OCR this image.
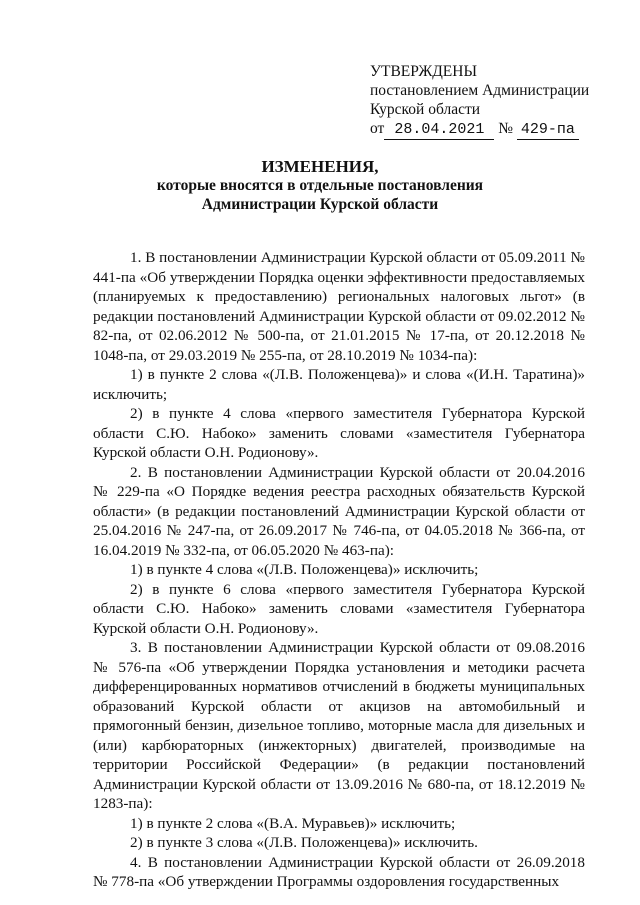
УТВЕРЖДЕНЫ
постановлением Администрации
Курской области
от 28.04.2021 № 429-па
ИЗМЕНЕНИЯ,
которые вносятся в отдельные постановления
Администрации Курской области

1. В постановлении Администрации Курской области от 05.09.2011 № 441-па «Об утверждении Порядка оценки эффективности предоставляемых (планируемых к предоставлению) региональных налоговых льгот» (в редакции постановлений Администрации Курской области от 09.02.2012 № 82-па, от 02.06.2012 № 500-па, от 21.01.2015 № 17-па, от 20.12.2018 № 1048-па, от 29.03.2019 № 255-па, от 28.10.2019 № 1034-па):

1) в пункте 2 слова «(Л.В. Положенцева)» и слова «(И.Н. Таратина)» исключить;

2) в пункте 4 слова «первого заместителя Губернатора Курской области С.Ю. Набоко» заменить словами «заместителя Губернатора Курской области О.Н. Родионову».

2. В постановлении Администрации Курской области от 20.04.2016 № 229-па «О Порядке ведения реестра расходных обязательств Курской области» (в редакции постановлений Администрации Курской области от 25.04.2016 № 247-па, от 26.09.2017 № 746-па, от 04.05.2018 № 366-па, от 16.04.2019 № 332-па, от 06.05.2020 № 463-па):

1) в пункте 4 слова «(Л.В. Положенцева)» исключить;

2) в пункте 6 слова «первого заместителя Губернатора Курской области С.Ю. Набоко» заменить словами «заместителя Губернатора Курской области О.Н. Родионову».

3. В постановлении Администрации Курской области от 09.08.2016 № 576-па «Об утверждении Порядка установления и методики расчета дифференцированных нормативов отчислений в бюджеты муниципальных образований Курской области от акцизов на автомобильный и прямогонный бензин, дизельное топливо, моторные масла для дизельных и (или) карбюраторных (инжекторных) двигателей, производимые на территории Российской Федерации» (в редакции постановлений Администрации Курской области от 13.09.2016 № 680-па, от 18.12.2019 № 1283-па):

1) в пункте 2 слова «(В.А. Муравьев)» исключить;

2) в пункте 3 слова «(Л.В. Положенцева)» исключить.

4. В постановлении Администрации Курской области от 26.09.2018 № 778-па «Об утверждении Программы оздоровления государственных
